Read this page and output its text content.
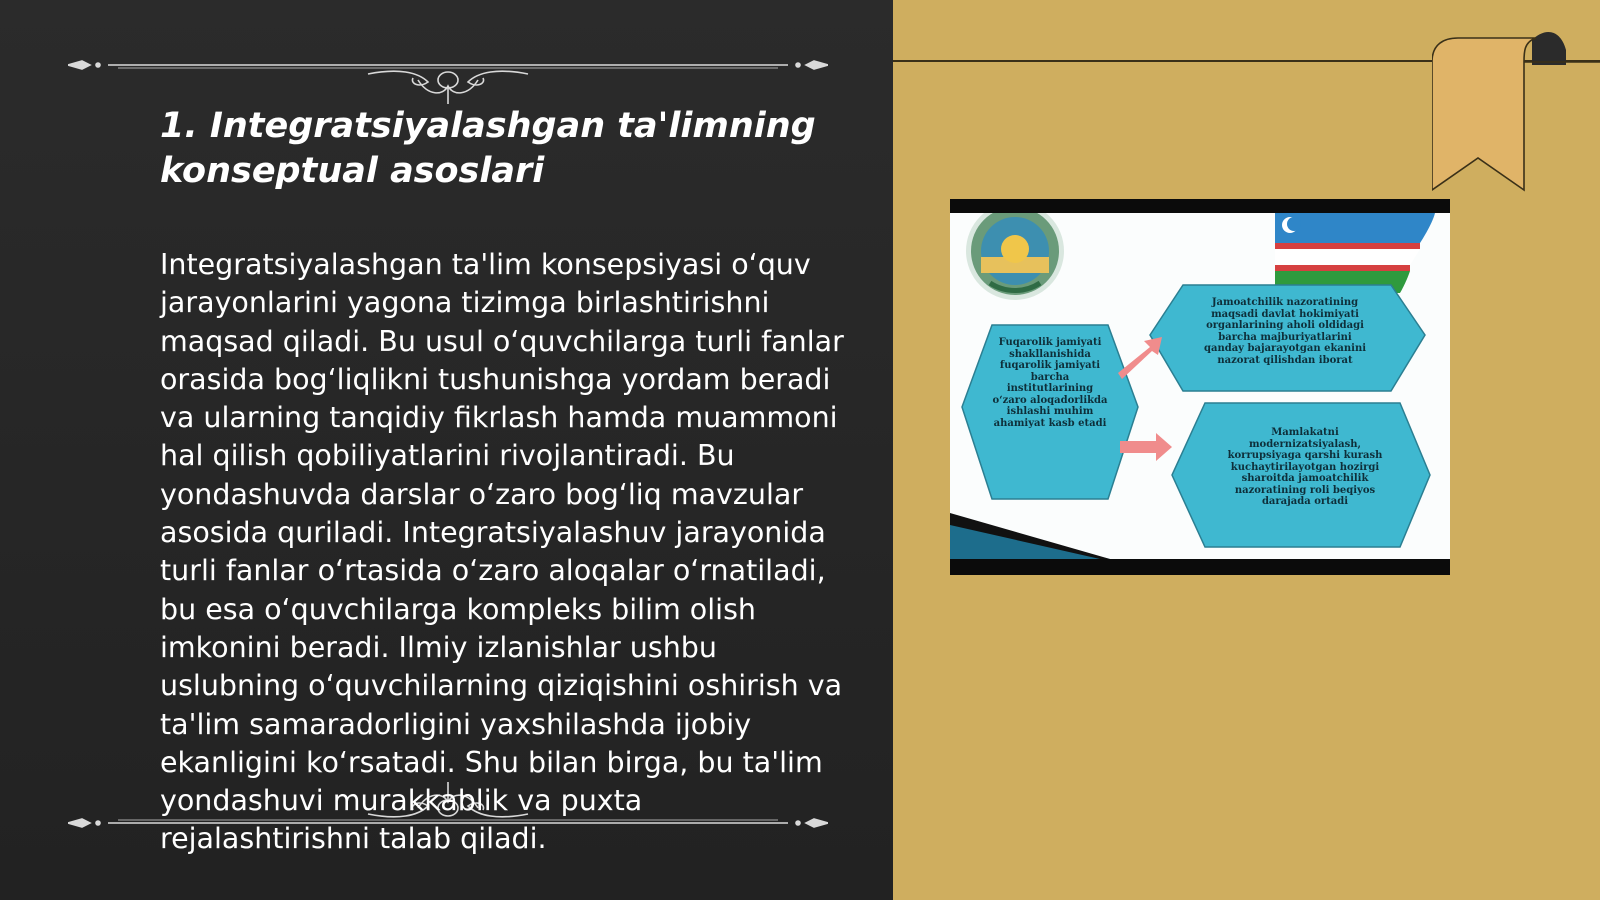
1. Integratsiyalashgan ta'limning konseptual asoslari
Integratsiyalashgan ta'lim konsepsiyasi o‘quv jarayonlarini yagona tizimga birlashtirishni maqsad qiladi. Bu usul o‘quvchilarga turli fanlar orasida bog‘liqlikni tushunishga yordam beradi va ularning tanqidiy fikrlash hamda muammoni hal qilish qobiliyatlarini rivojlantiradi. Bu yondashuvda darslar o‘zaro bog‘liq mavzular asosida quriladi. Integratsiyalashuv jarayonida turli fanlar o‘rtasida o‘zaro aloqalar o‘rnatiladi, bu esa o‘quvchilarga kompleks bilim olish imkonini beradi. Ilmiy izlanishlar ushbu uslubning o‘quvchilarning qiziqishini oshirish va ta'lim samaradorligini yaxshilashda ijobiy ekanligini ko‘rsatadi. Shu bilan birga, bu ta'lim yondashuvi murakkablik va puxta rejalashtirishni talab qiladi.
Fuqarolik jamiyati shakllanishida fuqarolik jamiyati barcha institutlarining o‘zaro aloqadorlikda ishlashi muhim ahamiyat kasb etadi
Jamoatchilik nazoratining maqsadi davlat hokimiyati organlarining aholi oldidagi barcha majburiyatlarini qanday bajarayotgan ekanini nazorat qilishdan iborat
Mamlakatni modernizatsiyalash, korrupsiyaga qarshi kurash kuchaytirilayotgan hozirgi sharoitda jamoatchilik nazoratining roli beqiyos darajada ortadi
